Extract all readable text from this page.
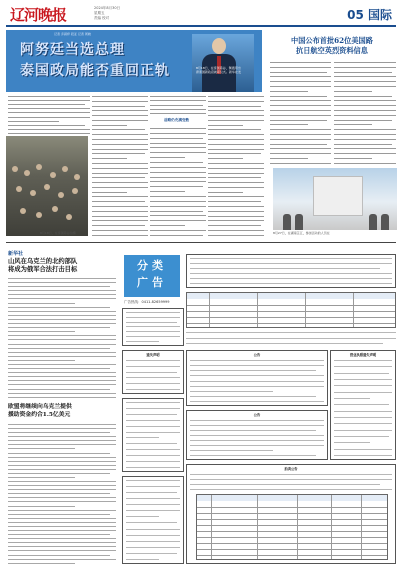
辽河晚报	2024年8月30日
星期五
责编 校对	05 国际
记者 乔颖梓 段亚 记者 周晓
阿努廷当选总理
泰国政局能否重回正轨	8月18日，在泰国曼谷，佩通坦出席泰国新政府就职仪式。新华社发
8月18日，在泰国曼谷拍摄
前路仍充满变数
中国公布首批62位美国路
抗日航空英烈资料信息
8月27日，在湖南芷江，参加活动的人员在
新华社
山风在乌克兰的北约部队
将成为俄军合法打击目标
欧盟将继续向乌克兰提供
援助资金约合1.5亿美元
分类
广告
广告热线：0411-82659999
遗失声明	公告	营业执照遗失声明
公告
拍卖公告
